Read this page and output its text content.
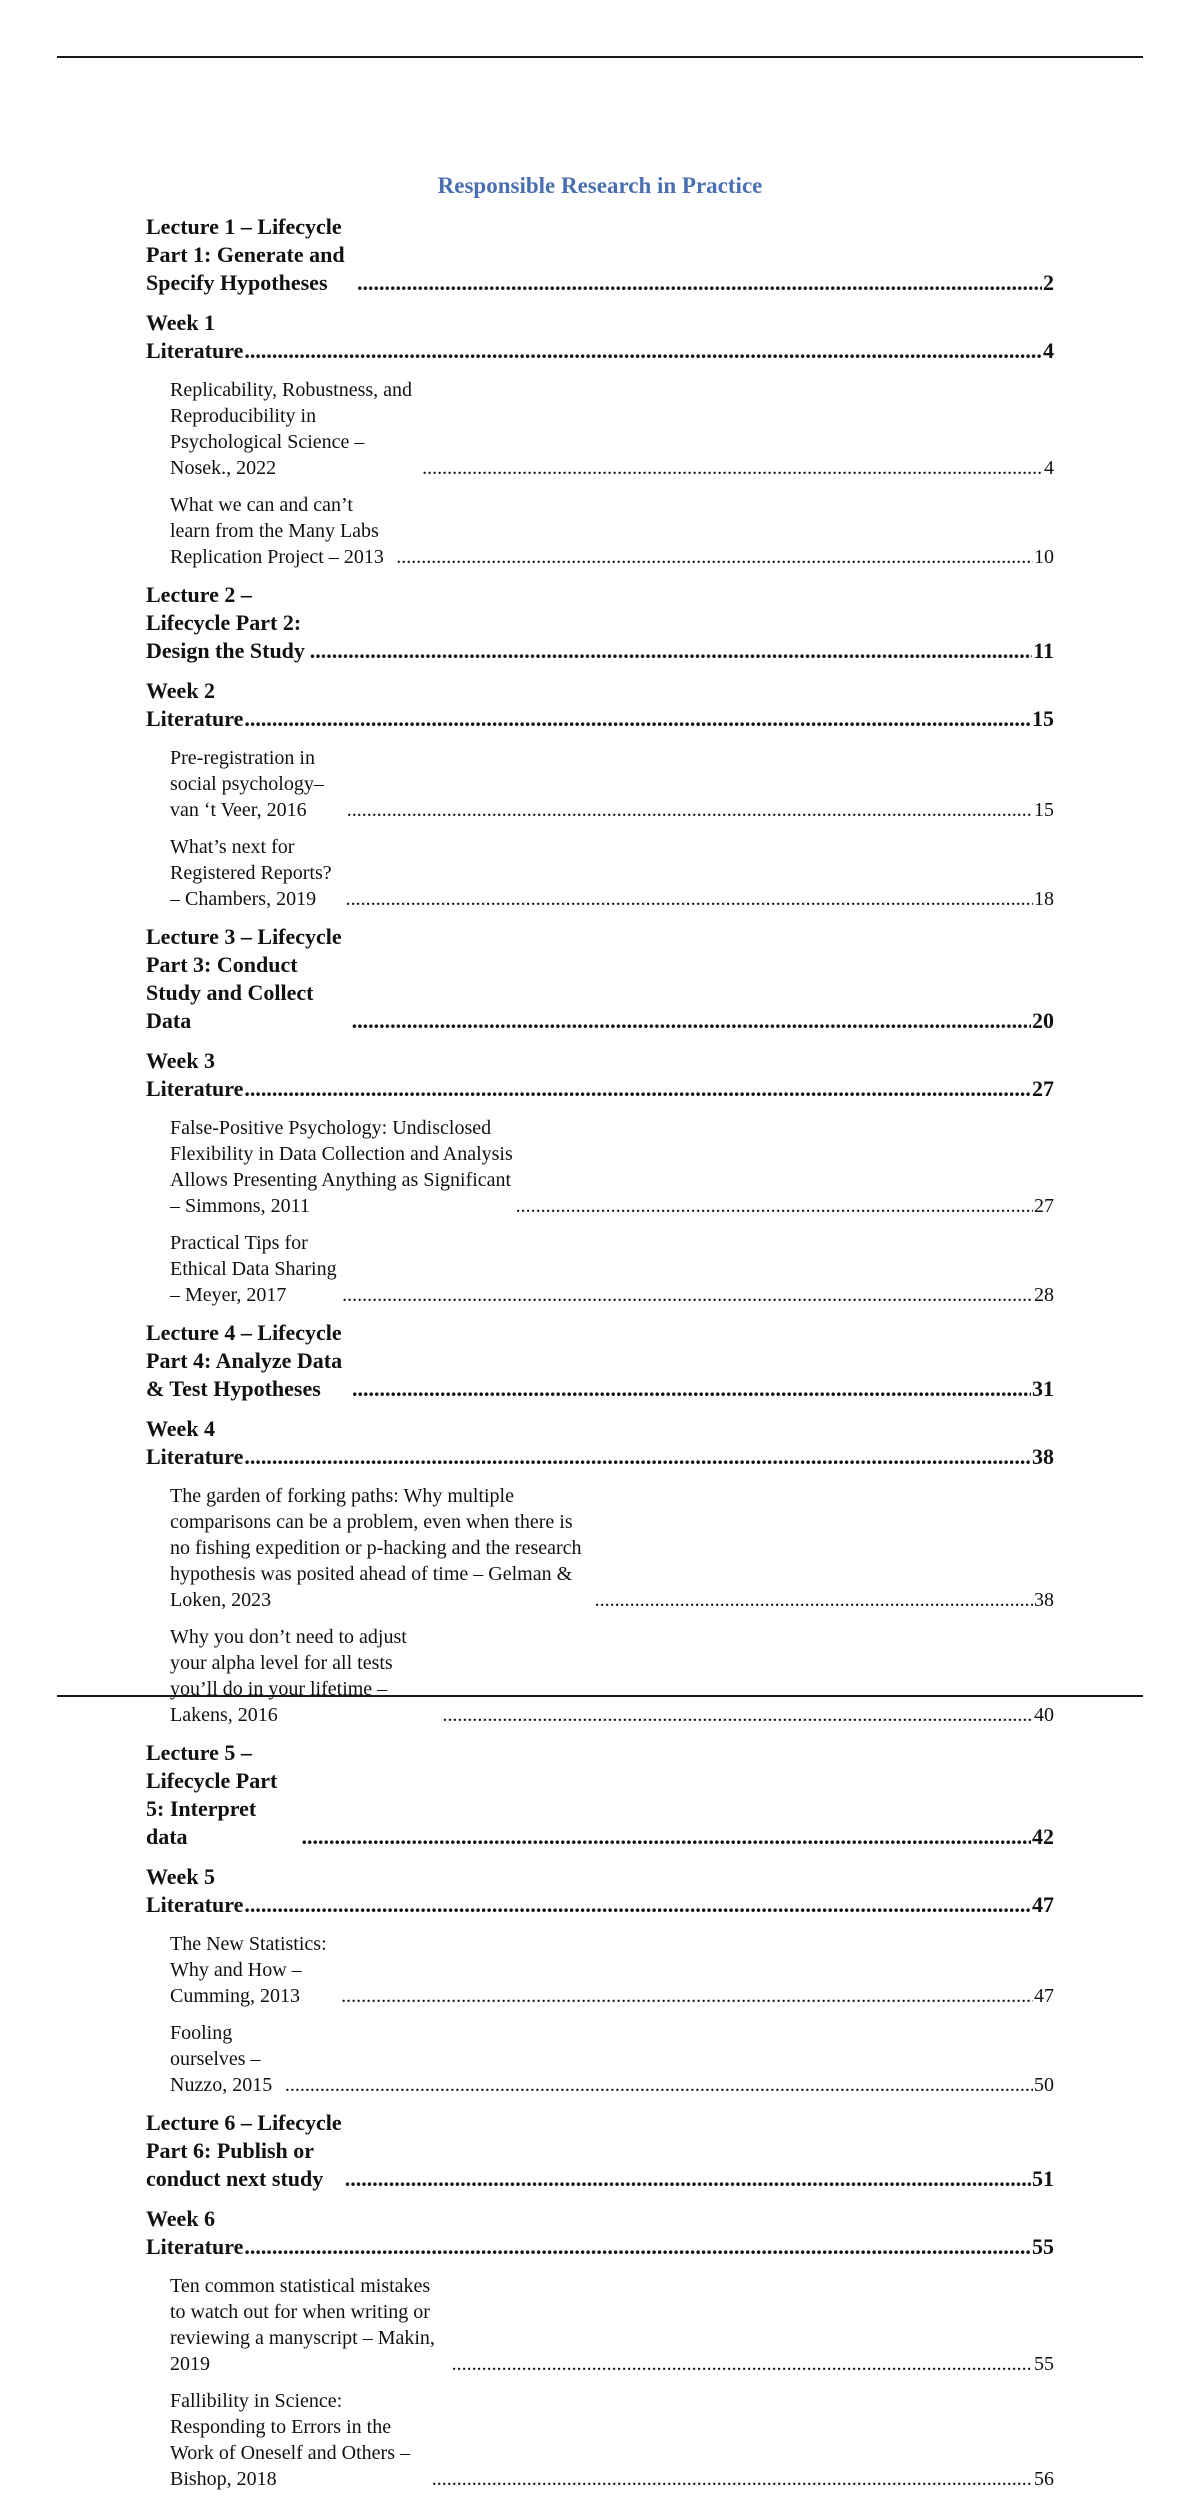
Responsible Research in Practice
Lecture 1 – Lifecycle Part 1: Generate and Specify Hypotheses .....	2
Week 1 Literature .....	4
Replicability, Robustness, and Reproducibility in Psychological Science – Nosek., 2022 .....	4
What we can and can’t learn from the Many Labs Replication Project – 2013 .....	10
Lecture 2 – Lifecycle Part 2: Design the Study .....	11
Week 2 Literature .....	15
Pre-registration in social psychology– van ‘t Veer, 2016 .....	15
What’s next for Registered Reports? – Chambers, 2019 .....	18
Lecture 3 – Lifecycle Part 3: Conduct Study and Collect Data .....	20
Week 3 Literature .....	27
False-Positive Psychology: Undisclosed Flexibility in Data Collection and Analysis Allows Presenting Anything as Significant – Simmons, 2011 .....	27
Practical Tips for Ethical Data Sharing – Meyer, 2017 .....	28
Lecture 4 – Lifecycle Part 4: Analyze Data & Test Hypotheses .....	31
Week 4 Literature .....	38
The garden of forking paths: Why multiple comparisons can be a problem, even when there is no fishing expedition or p-hacking and the research hypothesis was posited ahead of time – Gelman & Loken, 2023 .....	38
Why you don’t need to adjust your alpha level for all tests you’ll do in your lifetime – Lakens, 2016 .....	40
Lecture 5 – Lifecycle Part 5: Interpret data .....	42
Week 5 Literature .....	47
The New Statistics: Why and How – Cumming, 2013 .....	47
Fooling ourselves – Nuzzo, 2015 .....	50
Lecture 6 – Lifecycle Part 6: Publish or conduct next study .....	51
Week 6 Literature .....	55
Ten common statistical mistakes to watch out for when writing or reviewing a manyscript – Makin, 2019 .....	55
Fallibility in Science: Responding to Errors in the Work of Oneself and Others – Bishop, 2018 .....	56
